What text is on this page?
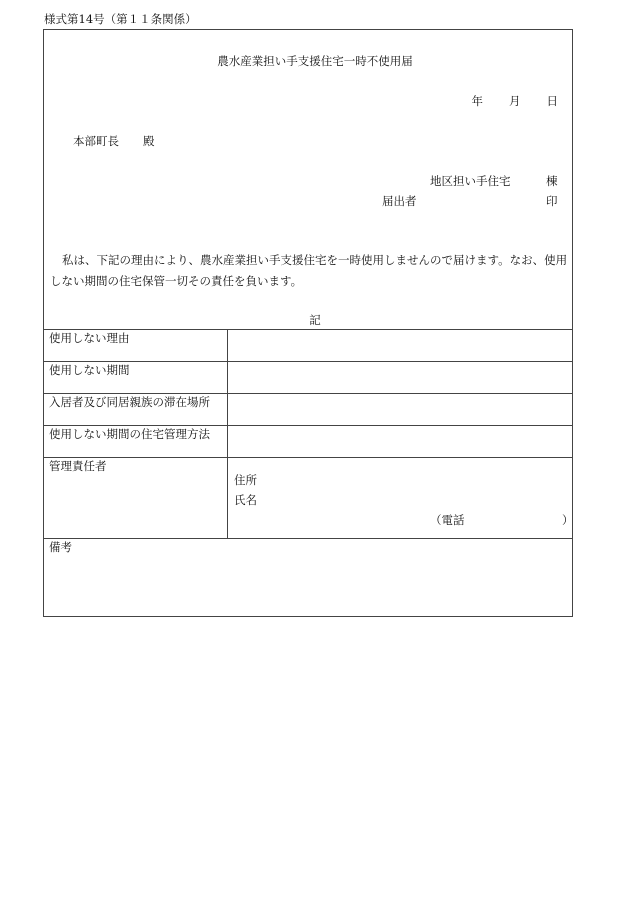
様式第14号（第１１条関係）
農水産業担い手支援住宅一時不使用届
年 月 日
本部町長 殿
地区担い手住宅	棟
届出者	印
私は、下記の理由により、農水産業担い手支援住宅を一時使用しませんので届けます。なお、使用しない期間の住宅保管一切その責任を負います。
記
使用しない理由	
使用しない期間	
入居者及び同居親族の滞在場所	
使用しない期間の住宅管理方法	
管理責任者	住所
氏名
（電話 ）

備考	
